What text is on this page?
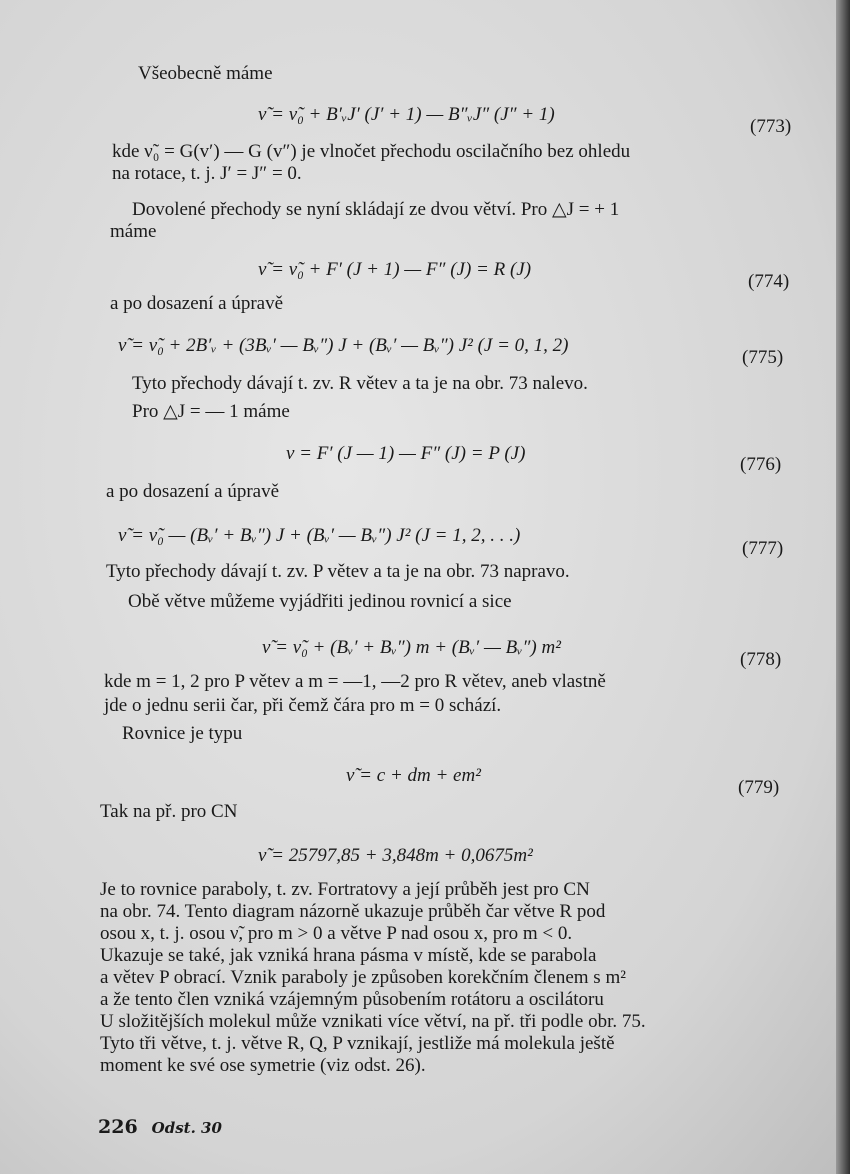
Všeobecně máme
ν̃ = ν̃₀ + B′ᵥJ′ (J′ + 1) — B″ᵥJ″ (J″ + 1)
(773)
kde ν̃₀ = G(v′) — G (v″) je vlnočet přechodu oscilačního bez ohledu
na rotace, t. j. J′ = J″ = 0.
Dovolené přechody se nyní skládají ze dvou větví. Pro △J = + 1
máme
ν̃ = ν̃₀ + F′ (J + 1) — F″ (J) = R (J)
(774)
a po dosazení a úpravě
ν̃ = ν̃₀ + 2B′ᵥ + (3Bᵥ′ — Bᵥ″) J + (Bᵥ′ — Bᵥ″) J² (J = 0, 1, 2)
(775)
Tyto přechody dávají t. zv. R větev a ta je na obr. 73 nalevo.
Pro △J = — 1 máme
ν = F′ (J — 1) — F″ (J) = P (J)
(776)
a po dosazení a úpravě
ν̃ = ν̃₀ — (Bᵥ′ + Bᵥ″) J + (Bᵥ′ — Bᵥ″) J² (J = 1, 2, . . .)
(777)
Tyto přechody dávají t. zv. P větev a ta je na obr. 73 napravo.
Obě větve můžeme vyjádřiti jedinou rovnicí a sice
ν̃ = ν̃₀ + (Bᵥ′ + Bᵥ″) m + (Bᵥ′ — Bᵥ″) m²
(778)
kde m = 1, 2 pro P větev a m = —1, —2 pro R větev, aneb vlastně
jde o jednu serii čar, při čemž čára pro m = 0 schází.
Rovnice je typu
ν̃ = c + dm + em²
(779)
Tak na př. pro CN
ν̃ = 25797,85 + 3,848m + 0,0675m²
Je to rovnice paraboly, t. zv. Fortratovy a její průběh jest pro CN
na obr. 74. Tento diagram názorně ukazuje průběh čar větve R pod
osou x, t. j. osou ν̃, pro m > 0 a větve P nad osou x, pro m < 0.
Ukazuje se také, jak vzniká hrana pásma v místě, kde se parabola
a větev P obrací. Vznik paraboly je způsoben korekčním členem s m²
a že tento člen vzniká vzájemným působením rotátoru a oscilátoru
U složitějších molekul může vznikati více větví, na př. tři podle obr. 75.
Tyto tři větve, t. j. větve R, Q, P vznikají, jestliže má molekula ještě
moment ke své ose symetrie (viz odst. 26).
226 Odst. 30
